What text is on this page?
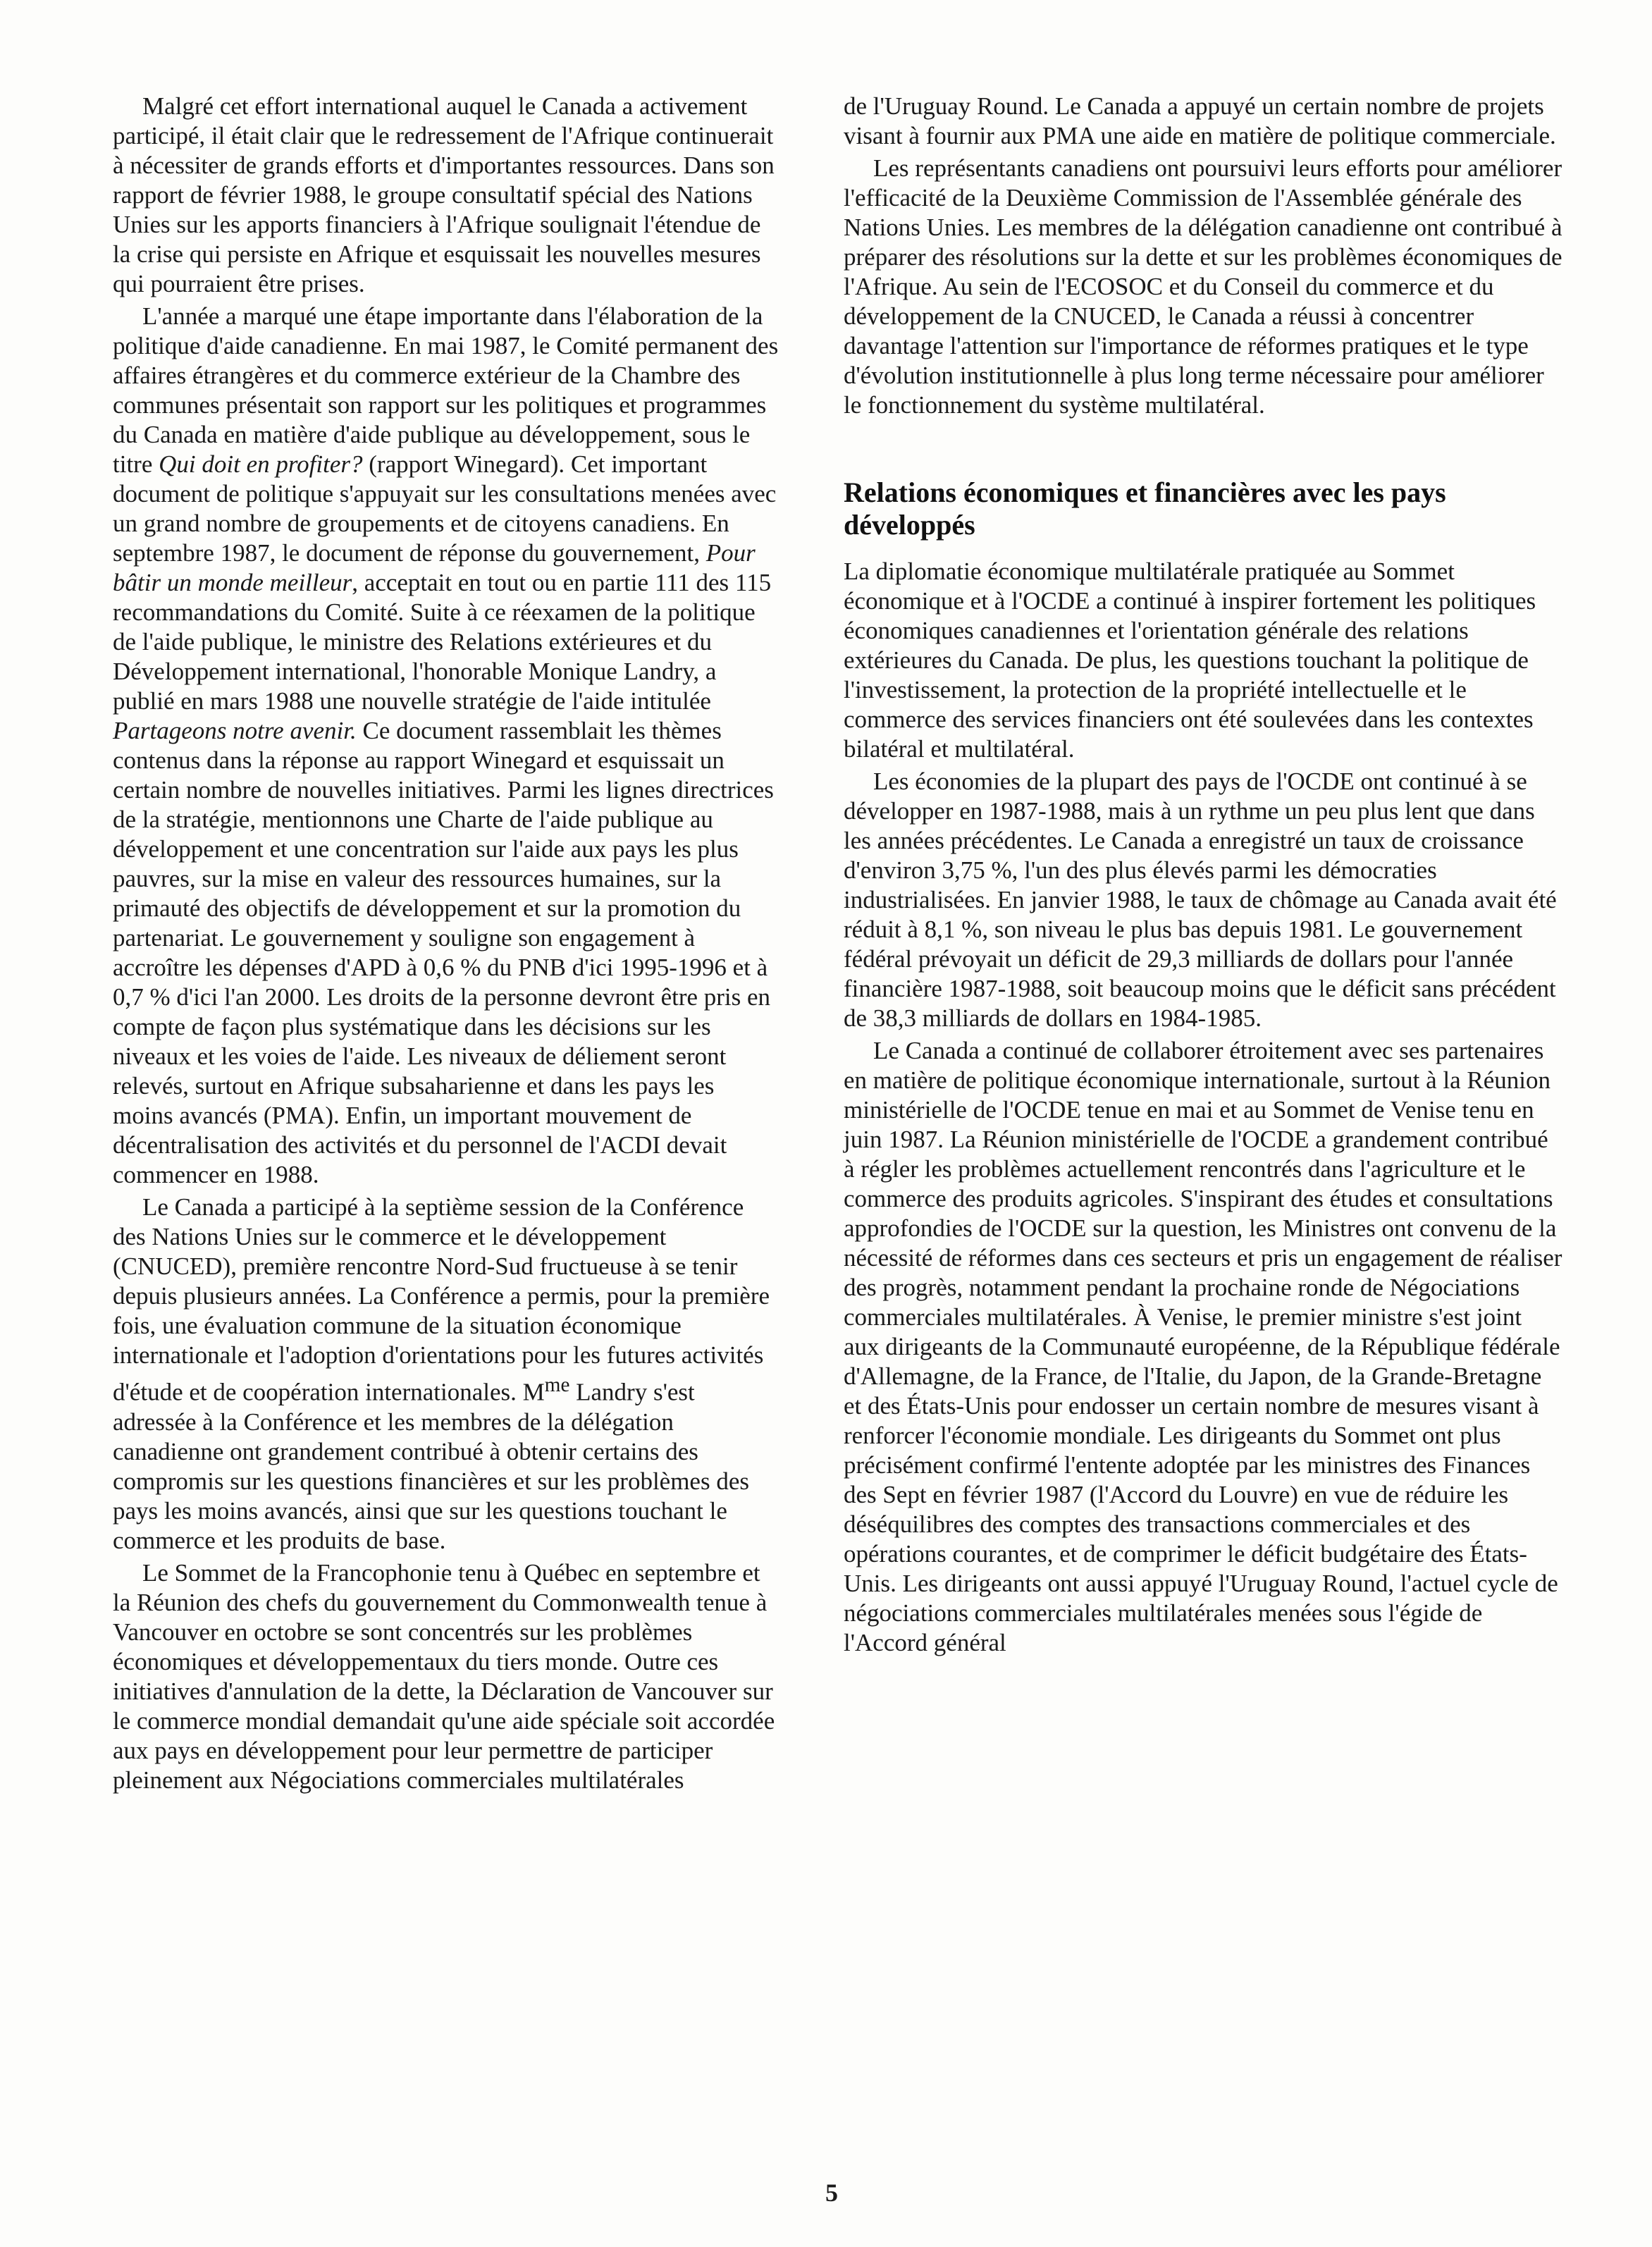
Malgré cet effort international auquel le Canada a activement participé, il était clair que le redressement de l'Afrique continuerait à nécessiter de grands efforts et d'importantes ressources. Dans son rapport de février 1988, le groupe consultatif spécial des Nations Unies sur les apports financiers à l'Afrique soulignait l'étendue de la crise qui persiste en Afrique et esquissait les nouvelles mesures qui pourraient être prises.

L'année a marqué une étape importante dans l'élaboration de la politique d'aide canadienne. En mai 1987, le Comité permanent des affaires étrangères et du commerce extérieur de la Chambre des communes présentait son rapport sur les politiques et programmes du Canada en matière d'aide publique au développement, sous le titre Qui doit en profiter? (rapport Winegard). Cet important document de politique s'appuyait sur les consultations menées avec un grand nombre de groupements et de citoyens canadiens. En septembre 1987, le document de réponse du gouvernement, Pour bâtir un monde meilleur, acceptait en tout ou en partie 111 des 115 recommandations du Comité. Suite à ce réexamen de la politique de l'aide publique, le ministre des Relations extérieures et du Développement international, l'honorable Monique Landry, a publié en mars 1988 une nouvelle stratégie de l'aide intitulée Partageons notre avenir. Ce document rassemblait les thèmes contenus dans la réponse au rapport Winegard et esquissait un certain nombre de nouvelles initiatives. Parmi les lignes directrices de la stratégie, mentionnons une Charte de l'aide publique au développement et une concentration sur l'aide aux pays les plus pauvres, sur la mise en valeur des ressources humaines, sur la primauté des objectifs de développement et sur la promotion du partenariat. Le gouvernement y souligne son engagement à accroître les dépenses d'APD à 0,6 % du PNB d'ici 1995-1996 et à 0,7 % d'ici l'an 2000. Les droits de la personne devront être pris en compte de façon plus systématique dans les décisions sur les niveaux et les voies de l'aide. Les niveaux de déliement seront relevés, surtout en Afrique subsaharienne et dans les pays les moins avancés (PMA). Enfin, un important mouvement de décentralisation des activités et du personnel de l'ACDI devait commencer en 1988.

Le Canada a participé à la septième session de la Conférence des Nations Unies sur le commerce et le développement (CNUCED), première rencontre Nord-Sud fructueuse à se tenir depuis plusieurs années. La Conférence a permis, pour la première fois, une évaluation commune de la situation économique internationale et l'adoption d'orientations pour les futures activités d'étude et de coopération internationales. $M^{me}$ Landry s'est adressée à la Conférence et les membres de la délégation canadienne ont grandement contribué à obtenir certains des compromis sur les questions financières et sur les problèmes des pays les moins avancés, ainsi que sur les questions touchant le commerce et les produits de base.

Le Sommet de la Francophonie tenu à Québec en septembre et la Réunion des chefs du gouvernement du Commonwealth tenue à Vancouver en octobre se sont concentrés sur les problèmes économiques et développementaux du tiers monde. Outre ces initiatives d'annulation de la dette, la Déclaration de Vancouver sur le commerce mondial demandait qu'une aide spéciale soit accordée aux pays en développement pour leur permettre de participer pleinement aux Négociations commerciales multilatérales

de l'Uruguay Round. Le Canada a appuyé un certain nombre de projets visant à fournir aux PMA une aide en matière de politique commerciale.

Les représentants canadiens ont poursuivi leurs efforts pour améliorer l'efficacité de la Deuxième Commission de l'Assemblée générale des Nations Unies. Les membres de la délégation canadienne ont contribué à préparer des résolutions sur la dette et sur les problèmes économiques de l'Afrique. Au sein de l'ECOSOC et du Conseil du commerce et du développement de la CNUCED, le Canada a réussi à concentrer davantage l'attention sur l'importance de réformes pratiques et le type d'évolution institutionnelle à plus long terme nécessaire pour améliorer le fonctionnement du système multilatéral.

Relations économiques et financières avec les pays développés

La diplomatie économique multilatérale pratiquée au Sommet économique et à l'OCDE a continué à inspirer fortement les politiques économiques canadiennes et l'orientation générale des relations extérieures du Canada. De plus, les questions touchant la politique de l'investissement, la protection de la propriété intellectuelle et le commerce des services financiers ont été soulevées dans les contextes bilatéral et multilatéral.

Les économies de la plupart des pays de l'OCDE ont continué à se développer en 1987-1988, mais à un rythme un peu plus lent que dans les années précédentes. Le Canada a enregistré un taux de croissance d'environ 3,75 %, l'un des plus élevés parmi les démocraties industrialisées. En janvier 1988, le taux de chômage au Canada avait été réduit à 8,1 %, son niveau le plus bas depuis 1981. Le gouvernement fédéral prévoyait un déficit de 29,3 milliards de dollars pour l'année financière 1987-1988, soit beaucoup moins que le déficit sans précédent de 38,3 milliards de dollars en 1984-1985.

Le Canada a continué de collaborer étroitement avec ses partenaires en matière de politique économique internationale, surtout à la Réunion ministérielle de l'OCDE tenue en mai et au Sommet de Venise tenu en juin 1987. La Réunion ministérielle de l'OCDE a grandement contribué à régler les problèmes actuellement rencontrés dans l'agriculture et le commerce des produits agricoles. S'inspirant des études et consultations approfondies de l'OCDE sur la question, les Ministres ont convenu de la nécessité de réformes dans ces secteurs et pris un engagement de réaliser des progrès, notamment pendant la prochaine ronde de Négociations commerciales multilatérales. À Venise, le premier ministre s'est joint aux dirigeants de la Communauté européenne, de la République fédérale d'Allemagne, de la France, de l'Italie, du Japon, de la Grande-Bretagne et des États-Unis pour endosser un certain nombre de mesures visant à renforcer l'économie mondiale. Les dirigeants du Sommet ont plus précisément confirmé l'entente adoptée par les ministres des Finances des Sept en février 1987 (l'Accord du Louvre) en vue de réduire les déséquilibres des comptes des transactions commerciales et des opérations courantes, et de comprimer le déficit budgétaire des États-Unis. Les dirigeants ont aussi appuyé l'Uruguay Round, l'actuel cycle de négociations commerciales multilatérales menées sous l'égide de l'Accord général

5
